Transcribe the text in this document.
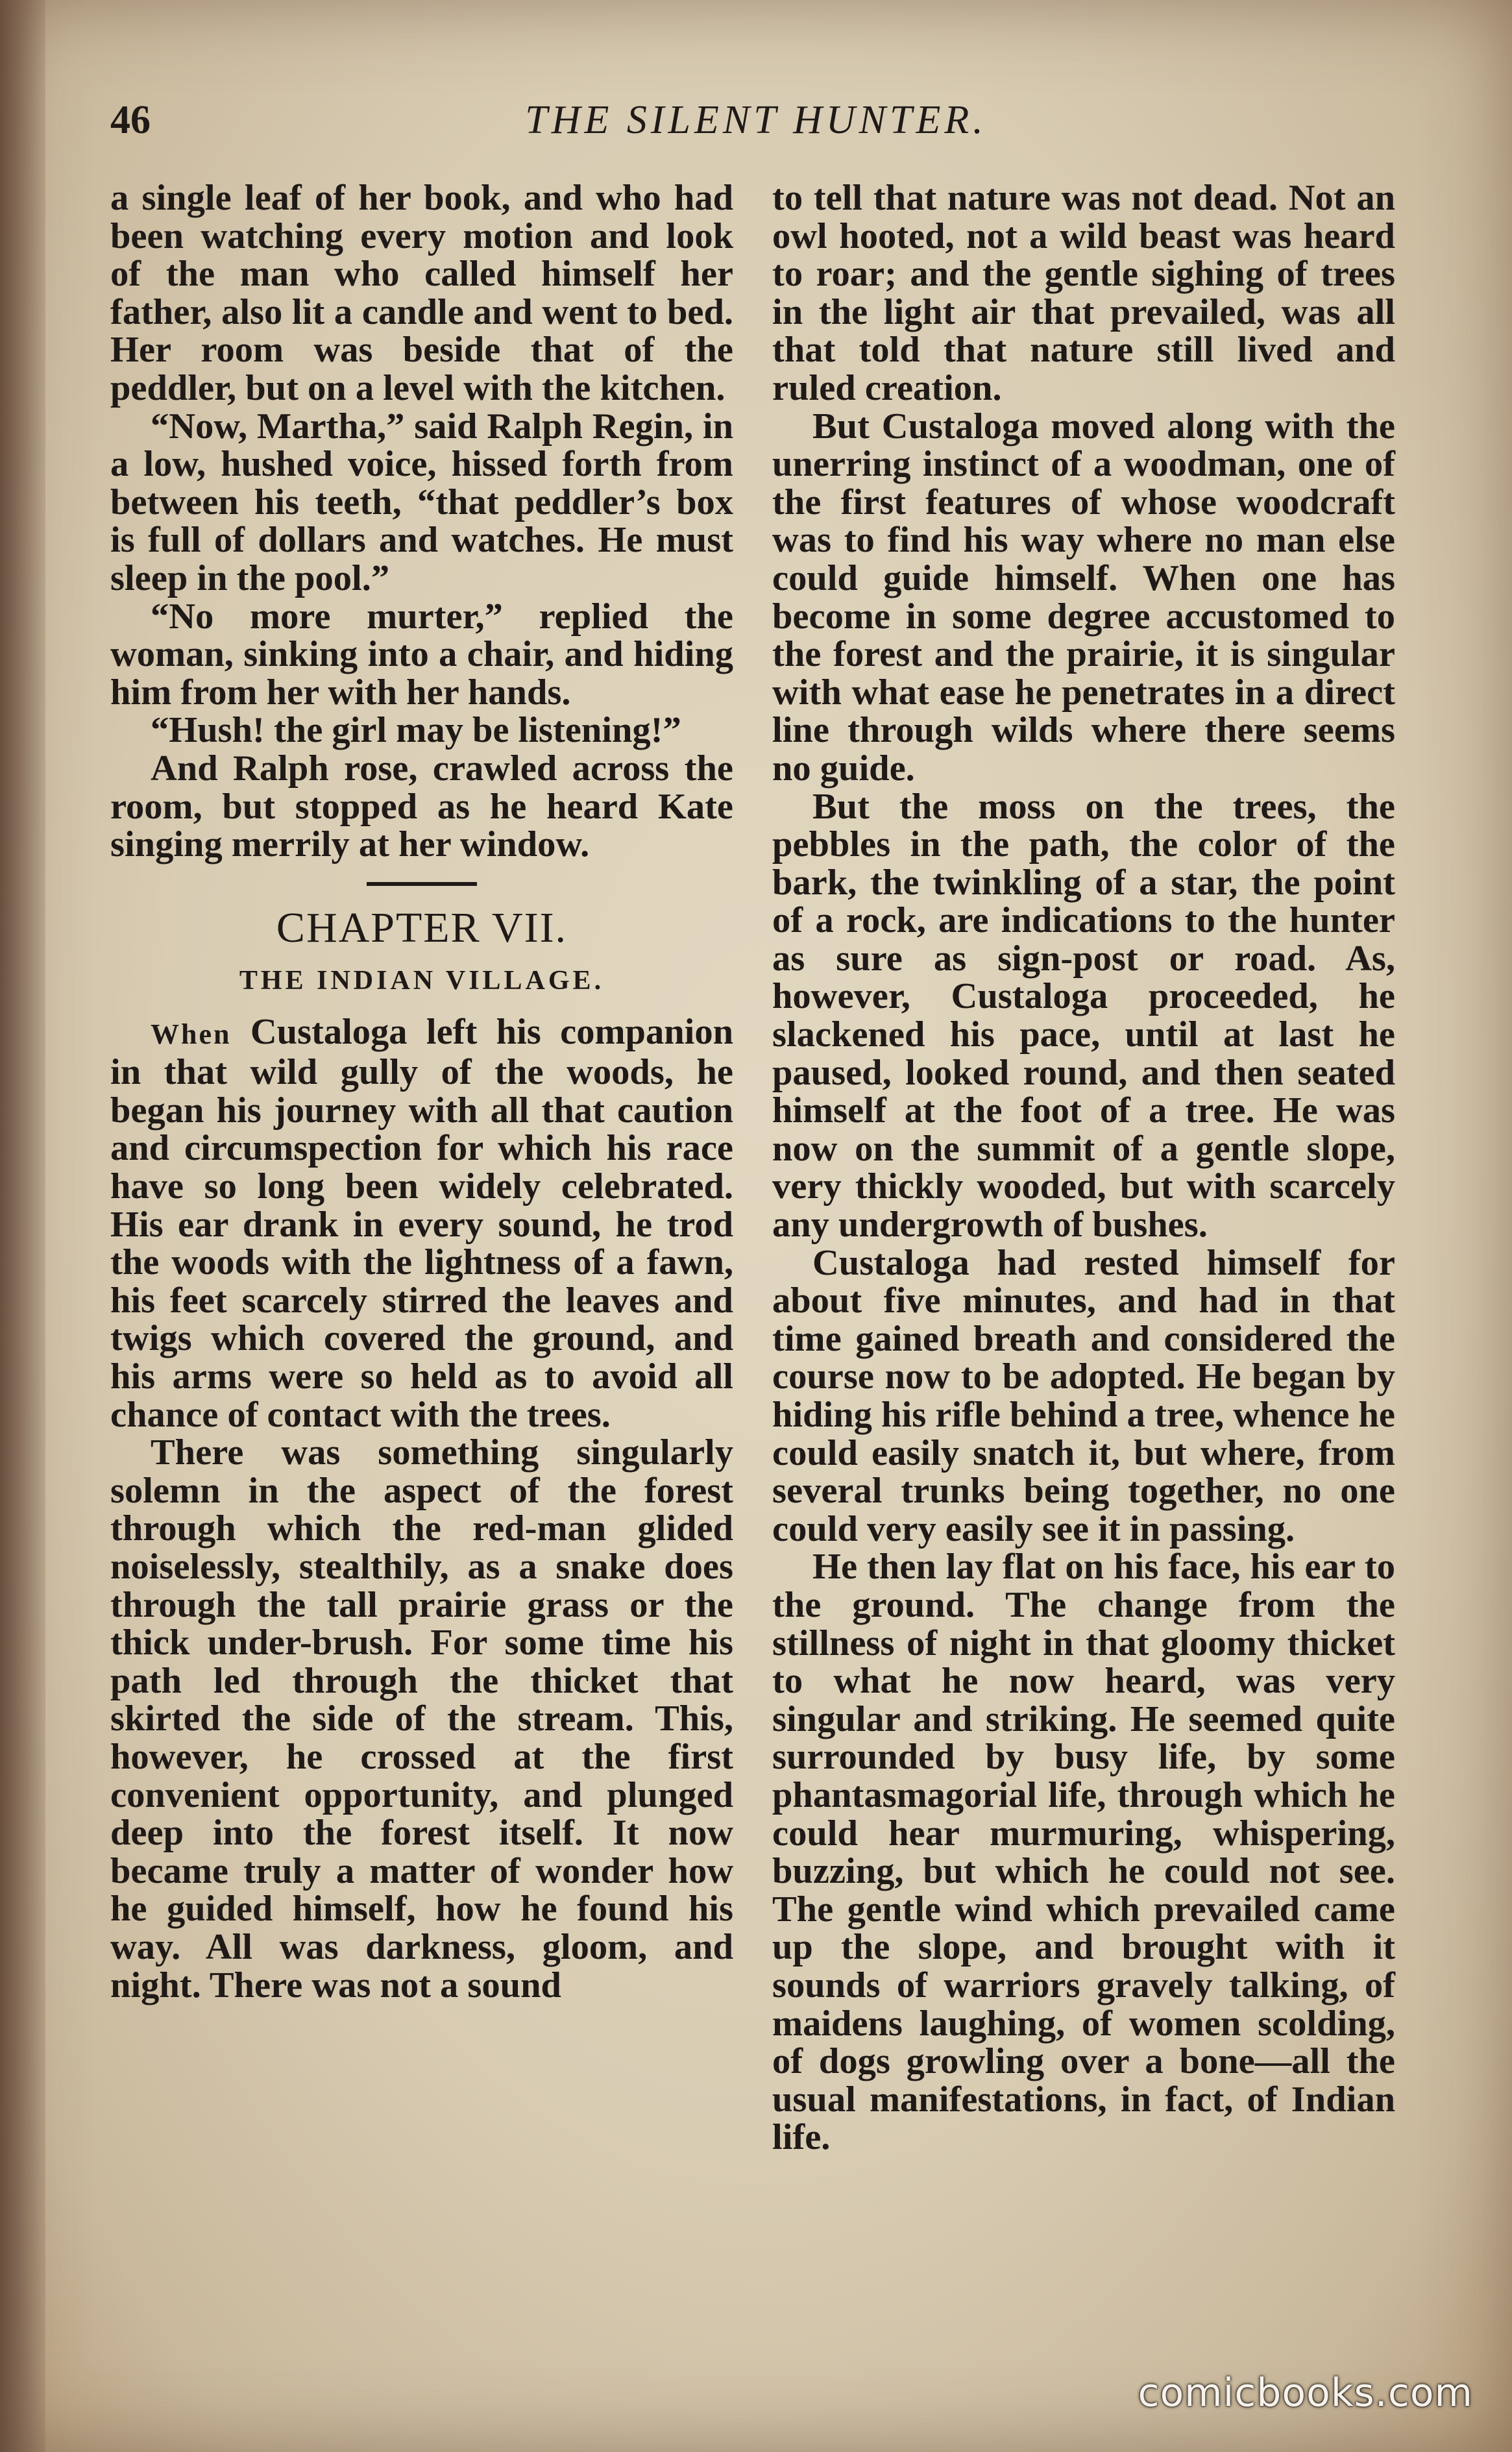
46	THE SILENT HUNTER.

a single leaf of her book, and who had been watching every motion and look of the man who called himself her father, also lit a candle and went to bed. Her room was beside that of the peddler, but on a level with the kitchen.

“Now, Martha,” said Ralph Regin, in a low, hushed voice, hissed forth from between his teeth, “that peddler’s box is full of dollars and watches. He must sleep in the pool.”

“No more murter,” replied the woman, sinking into a chair, and hiding him from her with her hands.

“Hush! the girl may be listening!”

And Ralph rose, crawled across the room, but stopped as he heard Kate singing merrily at her window.

CHAPTER VII.
THE INDIAN VILLAGE.

When Custaloga left his companion in that wild gully of the woods, he began his journey with all that caution and circumspection for which his race have so long been widely celebrated. His ear drank in every sound, he trod the woods with the lightness of a fawn, his feet scarcely stirred the leaves and twigs which covered the ground, and his arms were so held as to avoid all chance of contact with the trees.

There was something singularly solemn in the aspect of the forest through which the red-man glided noiselessly, stealthily, as a snake does through the tall prairie grass or the thick under-brush. For some time his path led through the thicket that skirted the side of the stream. This, however, he crossed at the first convenient opportunity, and plunged deep into the forest itself. It now became truly a matter of wonder how he guided himself, how he found his way. All was darkness, gloom, and night. There was not a sound

to tell that nature was not dead. Not an owl hooted, not a wild beast was heard to roar; and the gentle sighing of trees in the light air that prevailed, was all that told that nature still lived and ruled creation.

But Custaloga moved along with the unerring instinct of a woodman, one of the first features of whose woodcraft was to find his way where no man else could guide himself. When one has become in some degree accustomed to the forest and the prairie, it is singular with what ease he penetrates in a direct line through wilds where there seems no guide.

But the moss on the trees, the pebbles in the path, the color of the bark, the twinkling of a star, the point of a rock, are indications to the hunter as sure as sign-post or road. As, however, Custaloga proceeded, he slackened his pace, until at last he paused, looked round, and then seated himself at the foot of a tree. He was now on the summit of a gentle slope, very thickly wooded, but with scarcely any undergrowth of bushes.

Custaloga had rested himself for about five minutes, and had in that time gained breath and considered the course now to be adopted. He began by hiding his rifle behind a tree, whence he could easily snatch it, but where, from several trunks being together, no one could very easily see it in passing.

He then lay flat on his face, his ear to the ground. The change from the stillness of night in that gloomy thicket to what he now heard, was very singular and striking. He seemed quite surrounded by busy life, by some phantasmagorial life, through which he could hear murmuring, whispering, buzzing, but which he could not see. The gentle wind which prevailed came up the slope, and brought with it sounds of warriors gravely talking, of maidens laughing, of women scolding, of dogs growling over a bone—all the usual manifestations, in fact, of Indian life.

comicbooks.com
